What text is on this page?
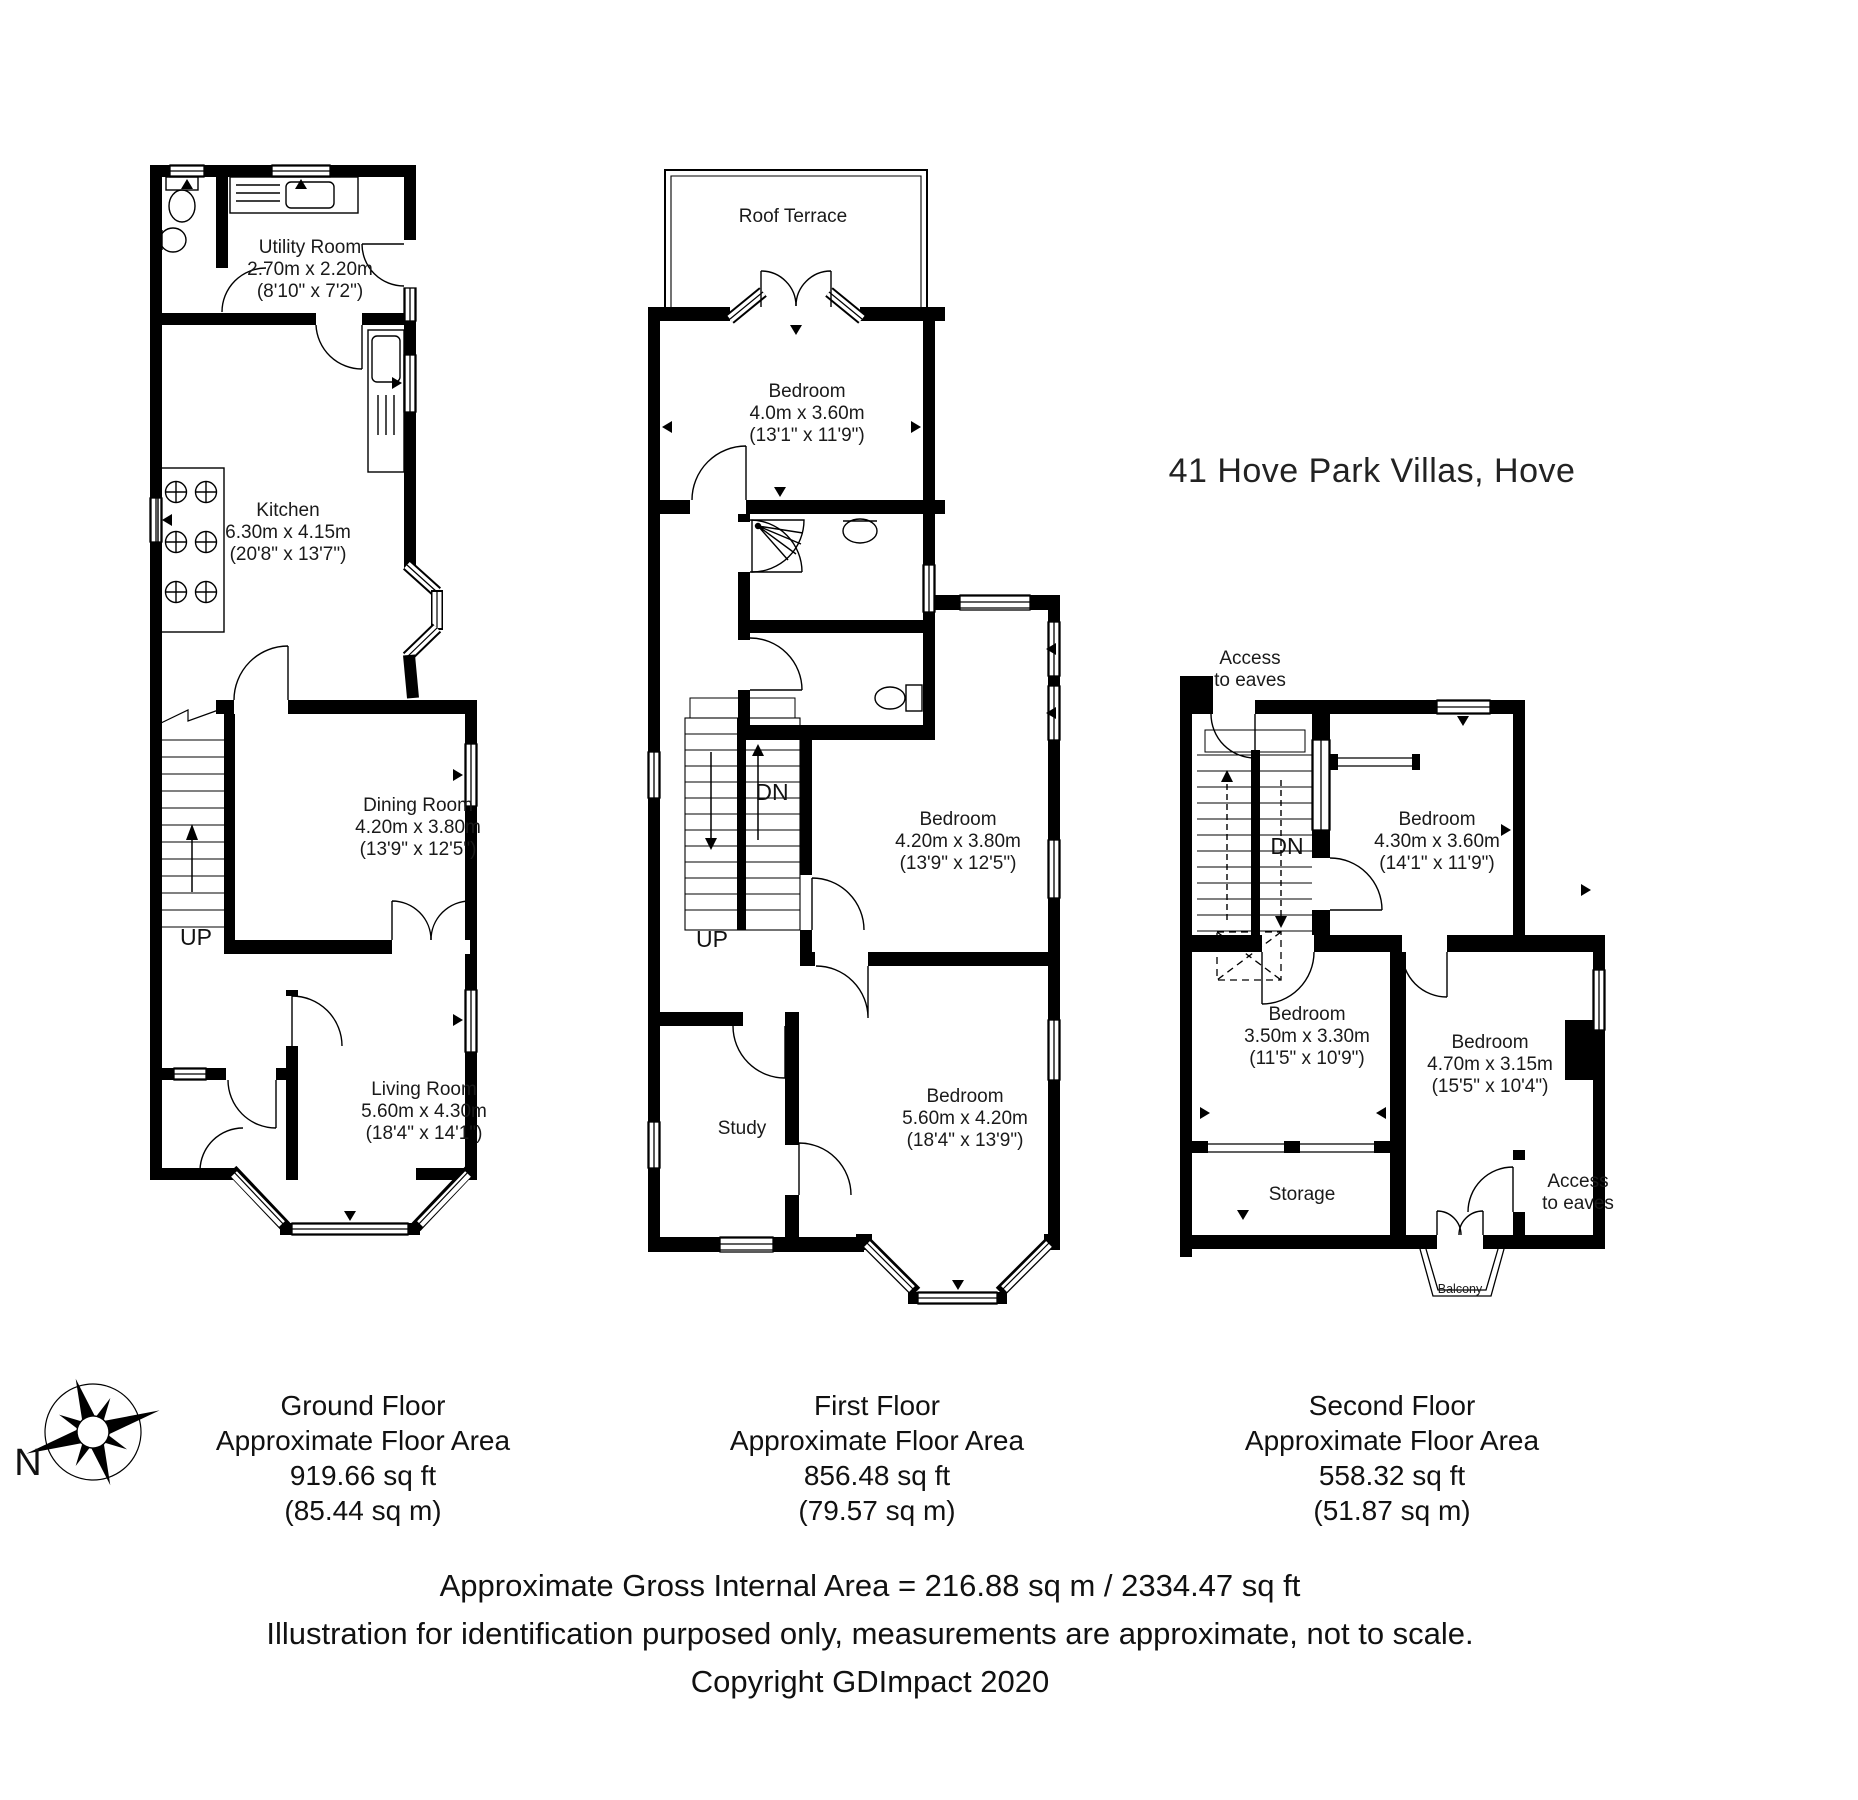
N
41 Hove Park Villas, Hove
Utility Room
2.70m x 2.20m
(8'10" x 7'2")
Kitchen
6.30m x 4.15m
(20'8" x 13'7")
Dining Room
4.20m x 3.80m
(13'9" x 12'5")
Living Room
5.60m x 4.30m
(18'4" x 14'1")
UP
Roof Terrace
Bedroom
4.0m x 3.60m
(13'1" x 11'9")
Bedroom
4.20m x 3.80m
(13'9" x 12'5")
Study
Bedroom
5.60m x 4.20m
(18'4" x 13'9")
DN
UP
Access
to eaves
Bedroom
4.30m x 3.60m
(14'1" x 11'9")
Bedroom
3.50m x 3.30m
(11'5" x 10'9")
Bedroom
4.70m x 3.15m
(15'5" x 10'4")
Storage
Access
to eaves
Balcony
DN
Ground Floor
Approximate Floor Area
919.66 sq ft
(85.44 sq m)
First Floor
Approximate Floor Area
856.48 sq ft
(79.57 sq m)
Second Floor
Approximate Floor Area
558.32 sq ft
(51.87 sq m)
Approximate Gross Internal Area = 216.88 sq m / 2334.47 sq ft
Illustration for identification purposed only, measurements are approximate, not to scale.
Copyright GDImpact 2020
